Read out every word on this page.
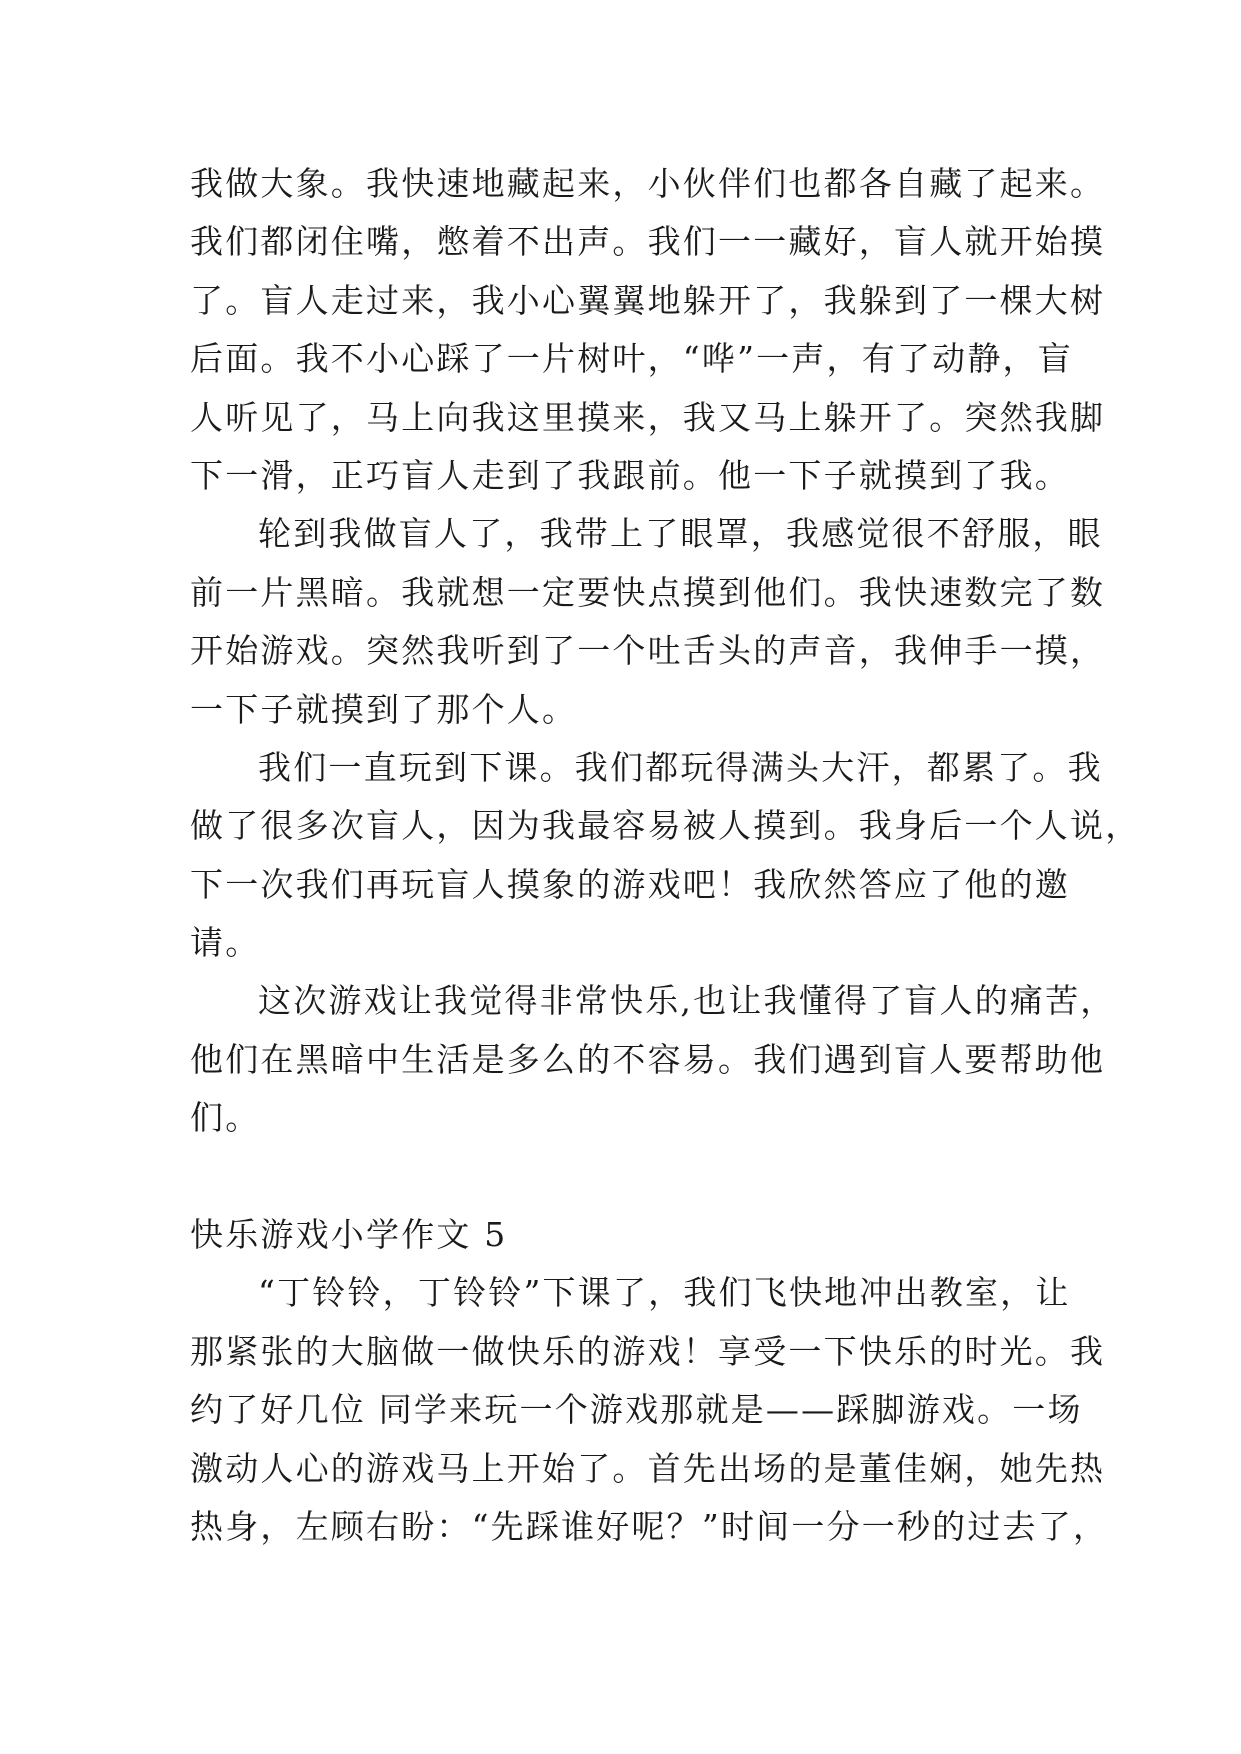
我做大象。我快速地藏起来，小伙伴们也都各自藏了起来。
我们都闭住嘴，憋着不出声。我们一一藏好，盲人就开始摸
了。盲人走过来，我小心翼翼地躲开了，我躲到了一棵大树
后面。我不小心踩了一片树叶，“哗”一声，有了动静，盲
人听见了，马上向我这里摸来，我又马上躲开了。突然我脚
下一滑，正巧盲人走到了我跟前。他一下子就摸到了我。
轮到我做盲人了，我带上了眼罩，我感觉很不舒服，眼
前一片黑暗。我就想一定要快点摸到他们。我快速数完了数
开始游戏。突然我听到了一个吐舌头的声音，我伸手一摸，
一下子就摸到了那个人。
我们一直玩到下课。我们都玩得满头大汗，都累了。我
做了很多次盲人，因为我最容易被人摸到。我身后一个人说，
下一次我们再玩盲人摸象的游戏吧！我欣然答应了他的邀
请。
这次游戏让我觉得非常快乐,也让我懂得了盲人的痛苦，
他们在黑暗中生活是多么的不容易。我们遇到盲人要帮助他
们。
快乐游戏小学作文 5
“丁铃铃，丁铃铃”下课了，我们飞快地冲出教室，让
那紧张的大脑做一做快乐的游戏！享受一下快乐的时光。我
约了好几位 同学来玩一个游戏那就是——踩脚游戏。一场
激动人心的游戏马上开始了。首先出场的是董佳娴，她先热
热身，左顾右盼：“先踩谁好呢？”时间一分一秒的过去了，
